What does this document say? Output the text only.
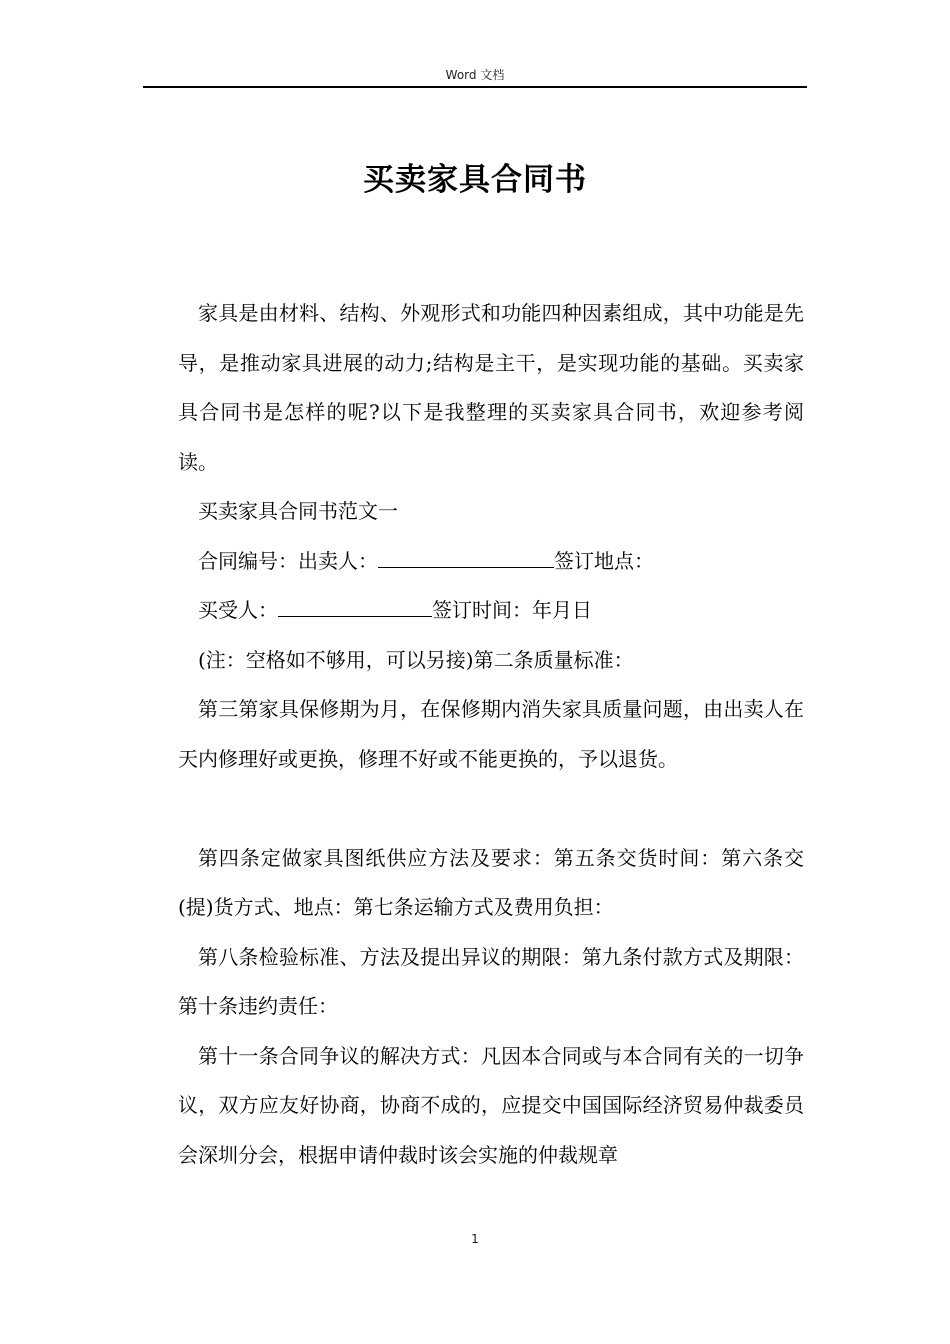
Word 文档
买卖家具合同书

家具是由材料、结构、外观形式和功能四种因素组成，其中功能是先导，是推动家具进展的动力;结构是主干，是实现功能的基础。买卖家具合同书是怎样的呢?以下是我整理的买卖家具合同书，欢迎参考阅读。

买卖家具合同书范文一

合同编号：出卖人：	签订地点：

买受人：	签订时间：年月日

(注：空格如不够用，可以另接)第二条质量标准：

第三第家具保修期为月，在保修期内消失家具质量问题，由出卖人在天内修理好或更换，修理不好或不能更换的，予以退货。

第四条定做家具图纸供应方法及要求：第五条交货时间：第六条交(提)货方式、地点：第七条运输方式及费用负担：

第八条检验标准、方法及提出异议的期限：第九条付款方式及期限：第十条违约责任：

第十一条合同争议的解决方式：凡因本合同或与本合同有关的一切争议，双方应友好协商，协商不成的，应提交中国国际经济贸易仲裁委员会深圳分会，根据申请仲裁时该会实施的仲裁规章

1
